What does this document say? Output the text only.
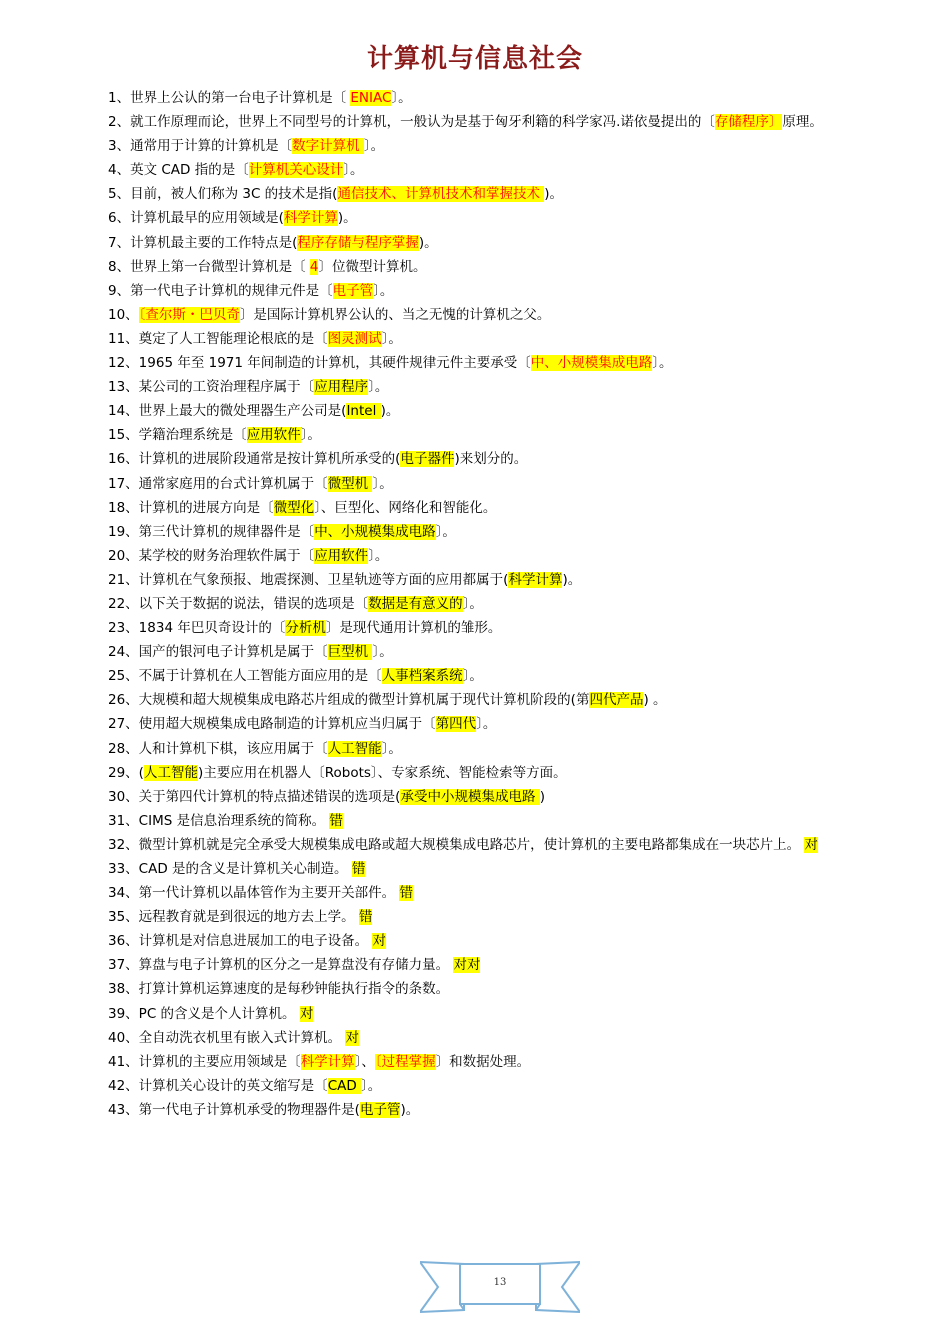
计算机与信息社会

1、世界上公认的第一台电子计算机是〔 ENIAC〕。

2、就工作原理而论，世界上不同型号的计算机，一般认为是基于匈牙利籍的科学家冯.诺依曼提出的〔存储程序〕原理。

3、通常用于计算的计算机是〔数字计算机 〕。

4、英文 CAD 指的是〔计算机关心设计〕。

5、目前，被人们称为 3C 的技术是指(通信技术、计算机技术和掌握技术 )。

6、计算机最早的应用领域是(科学计算)。

7、计算机最主要的工作特点是(程序存储与程序掌握)。

8、世界上第一台微型计算机是〔 4〕位微型计算机。

9、第一代电子计算机的规律元件是〔电子管〕。

10、〔查尔斯・巴贝奇〕是国际计算机界公认的、当之无愧的计算机之父。

11、奠定了人工智能理论根底的是〔图灵测试〕。

12、1965 年至 1971 年间制造的计算机，其硬件规律元件主要承受〔中、小规模集成电路〕。

13、某公司的工资治理程序属于〔应用程序〕。

14、世界上最大的微处理器生产公司是(Intel )。

15、学籍治理系统是〔应用软件〕。

16、计算机的进展阶段通常是按计算机所承受的(电子器件)来划分的。

17、通常家庭用的台式计算机属于〔微型机 〕。

18、计算机的进展方向是〔微型化〕、巨型化、网络化和智能化。

19、第三代计算机的规律器件是〔中、小规模集成电路〕。

20、某学校的财务治理软件属于〔应用软件〕。

21、计算机在气象预报、地震探测、卫星轨迹等方面的应用都属于(科学计算)。

22、以下关于数据的说法，错误的选项是〔数据是有意义的〕。

23、1834 年巴贝奇设计的〔分析机〕是现代通用计算机的雏形。

24、国产的银河电子计算机是属于〔巨型机 〕。

25、不属于计算机在人工智能方面应用的是〔人事档案系统〕。

26、大规模和超大规模集成电路芯片组成的微型计算机属于现代计算机阶段的(第四代产品) 。

27、使用超大规模集成电路制造的计算机应当归属于〔第四代〕。

28、人和计算机下棋，该应用属于〔人工智能〕。

29、(人工智能)主要应用在机器人〔Robots〕、专家系统、智能检索等方面。

30、关于第四代计算机的特点描述错误的选项是(承受中小规模集成电路 )

31、CIMS 是信息治理系统的简称。 错

32、微型计算机就是完全承受大规模集成电路或超大规模集成电路芯片，使计算机的主要电路都集成在一块芯片上。 对

33、CAD 是的含义是计算机关心制造。 错

34、第一代计算机以晶体管作为主要开关部件。 错

35、远程教育就是到很远的地方去上学。 错

36、计算机是对信息进展加工的电子设备。 对

37、算盘与电子计算机的区分之一是算盘没有存储力量。 对对

38、打算计算机运算速度的是每秒钟能执行指令的条数。

39、PC 的含义是个人计算机。 对

40、全自动洗衣机里有嵌入式计算机。 对

41、计算机的主要应用领域是〔科学计算〕、〔过程掌握〕和数据处理。

42、计算机关心设计的英文缩写是〔CAD 〕。

43、第一代电子计算机承受的物理器件是(电子管)。

13
